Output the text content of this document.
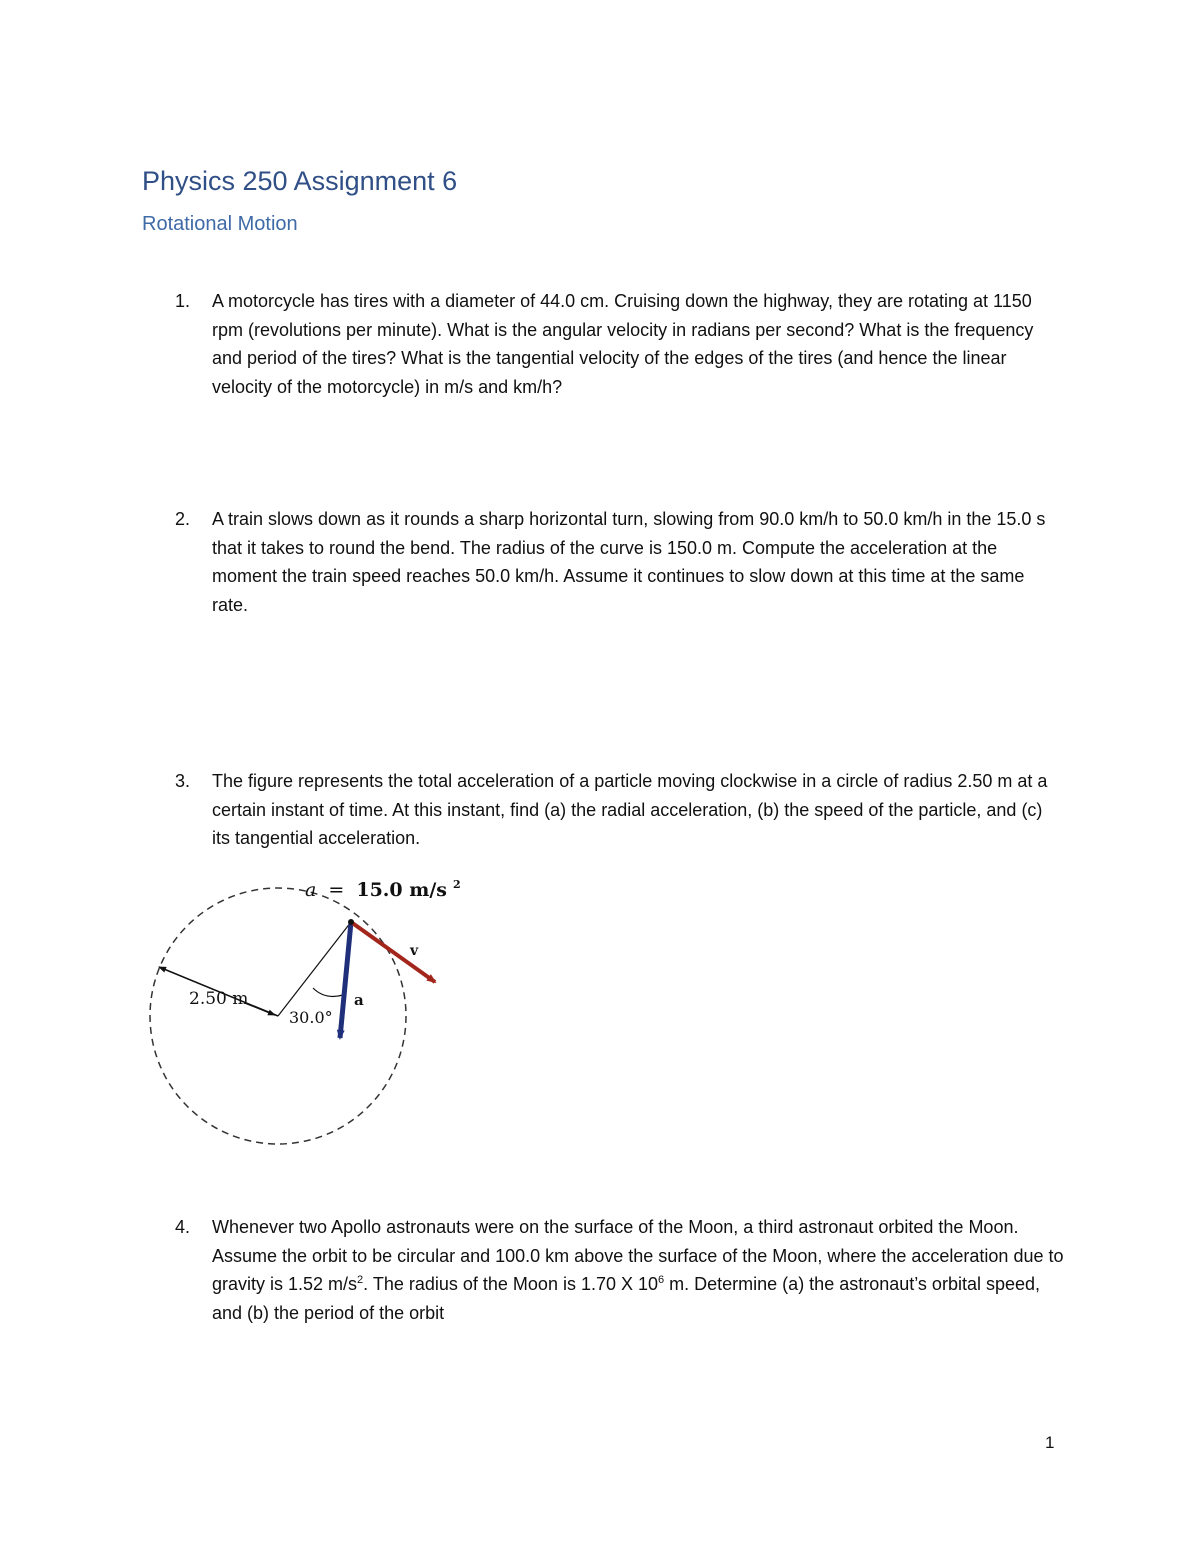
Physics 250 Assignment 6
Rotational Motion
1. A motorcycle has tires with a diameter of 44.0 cm. Cruising down the highway, they are rotating at 1150 rpm (revolutions per minute). What is the angular velocity in radians per second? What is the frequency and period of the tires? What is the tangential velocity of the edges of the tires (and hence the linear velocity of the motorcycle) in m/s and km/h?
2. A train slows down as it rounds a sharp horizontal turn, slowing from 90.0 km/h to 50.0 km/h in the 15.0 s that it takes to round the bend. The radius of the curve is 150.0 m. Compute the acceleration at the moment the train speed reaches 50.0 km/h. Assume it continues to slow down at this time at the same rate.
3. The figure represents the total acceleration of a particle moving clockwise in a circle of radius 2.50 m at a certain instant of time. At this instant, find (a) the radial acceleration, (b) the speed of the particle, and (c) its tangential acceleration.
a = 15.0 m/s $^2$
2.50 m
30.0°
v
a
4. Whenever two Apollo astronauts were on the surface of the Moon, a third astronaut orbited the Moon. Assume the orbit to be circular and 100.0 km above the surface of the Moon, where the acceleration due to gravity is 1.52 $m/s^2$. The radius of the Moon is 1.70 X $10^6$ m. Determine (a) the astronaut’s orbital speed, and (b) the period of the orbit
1
